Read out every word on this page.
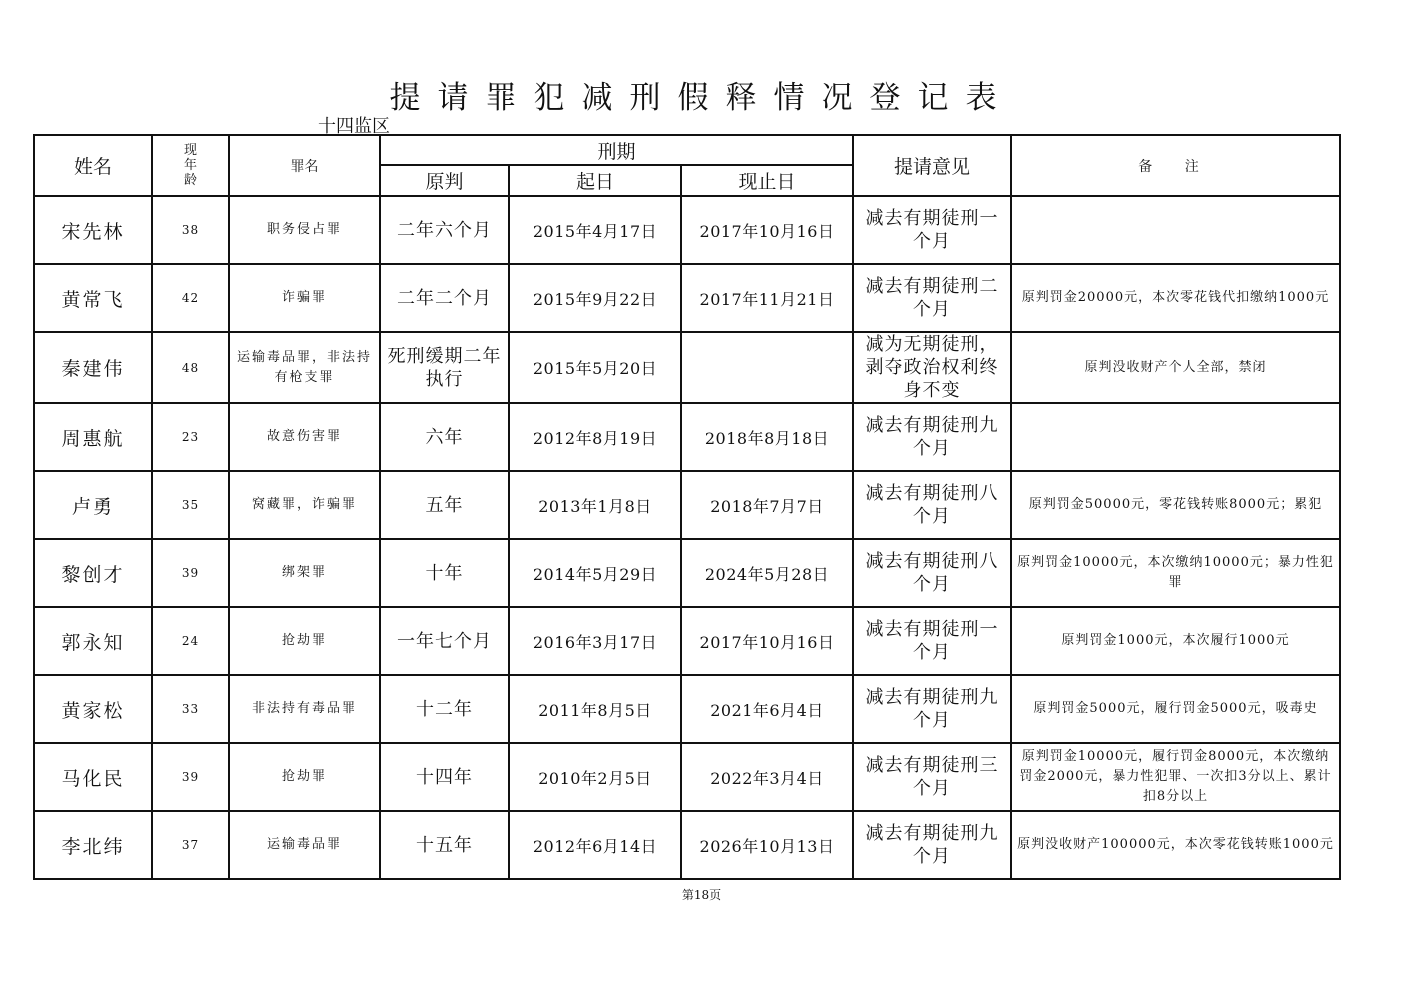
提请罪犯减刑假释情况登记表
十四监区
姓名	现年龄	罪名	刑期			提请意见	备 注
			原判	起日	现止日		
宋先林	38	职务侵占罪	二年六个月	2015年4月17日	2017年10月16日	减去有期徒刑一个月	
黄常飞	42	诈骗罪	二年二个月	2015年9月22日	2017年11月21日	减去有期徒刑二个月	原判罚金20000元，本次零花钱代扣缴纳1000元
秦建伟	48	运输毒品罪，非法持有枪支罪	死刑缓期二年执行	2015年5月20日		减为无期徒刑，剥夺政治权利终身不变	原判没收财产个人全部，禁闭
周惠航	23	故意伤害罪	六年	2012年8月19日	2018年8月18日	减去有期徒刑九个月	
卢勇	35	窝藏罪，诈骗罪	五年	2013年1月8日	2018年7月7日	减去有期徒刑八个月	原判罚金50000元，零花钱转账8000元；累犯
黎创才	39	绑架罪	十年	2014年5月29日	2024年5月28日	减去有期徒刑八个月	原判罚金10000元，本次缴纳10000元；暴力性犯罪
郭永知	24	抢劫罪	一年七个月	2016年3月17日	2017年10月16日	减去有期徒刑一个月	原判罚金1000元，本次履行1000元
黄家松	33	非法持有毒品罪	十二年	2011年8月5日	2021年6月4日	减去有期徒刑九个月	原判罚金5000元，履行罚金5000元，吸毒史
马化民	39	抢劫罪	十四年	2010年2月5日	2022年3月4日	减去有期徒刑三个月	原判罚金10000元，履行罚金8000元，本次缴纳罚金2000元，暴力性犯罪、一次扣3分以上、累计扣8分以上
李北纬	37	运输毒品罪	十五年	2012年6月14日	2026年10月13日	减去有期徒刑九个月	原判没收财产100000元，本次零花钱转账1000元
第18页
